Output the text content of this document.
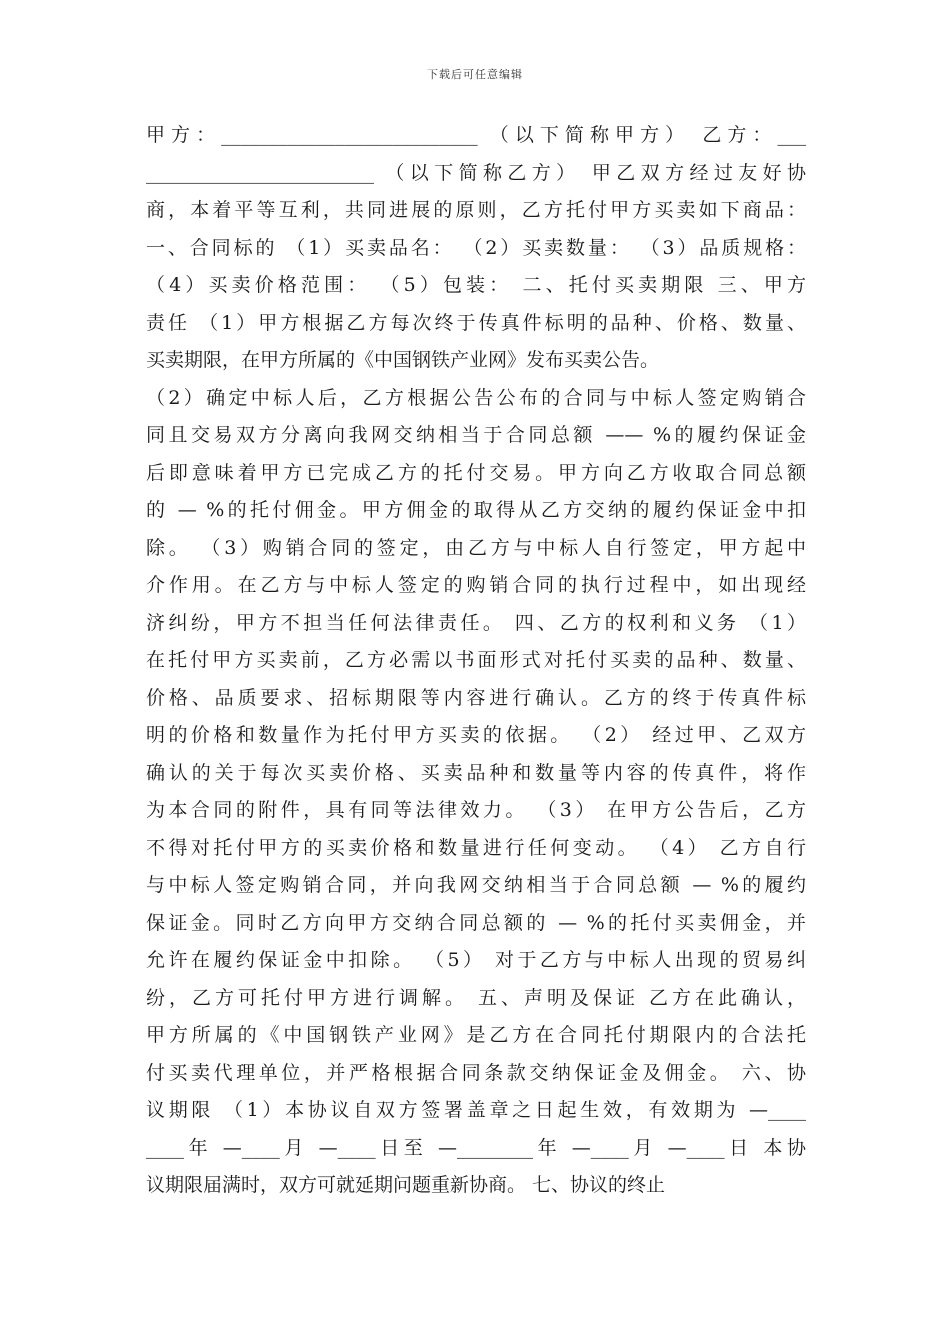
下载后可任意编辑
甲方：___________________________ （以下简称甲方） 乙方：___
________________________ （以下简称乙方） 甲乙双方经过友好协
商，本着平等互利，共同进展的原则，乙方托付甲方买卖如下商品：
一、合同标的 （1）买卖品名： （2）买卖数量： （3）品质规格：
（4）买卖价格范围： （5）包装： 二、托付买卖期限 三、甲方
责任 （1）甲方根据乙方每次终于传真件标明的品种、价格、数量、
买卖期限，在甲方所属的《中国钢铁产业网》发布买卖公告。
（2）确定中标人后，乙方根据公告公布的合同与中标人签定购销合
同且交易双方分离向我网交纳相当于合同总额 —— %的履约保证金
后即意味着甲方已完成乙方的托付交易。甲方向乙方收取合同总额
的 — %的托付佣金。甲方佣金的取得从乙方交纳的履约保证金中扣
除。 （3）购销合同的签定，由乙方与中标人自行签定，甲方起中
介作用。在乙方与中标人签定的购销合同的执行过程中，如出现经
济纠纷，甲方不担当任何法律责任。 四、乙方的权利和义务 （1）
在托付甲方买卖前，乙方必需以书面形式对托付买卖的品种、数量、
价格、品质要求、招标期限等内容进行确认。乙方的终于传真件标
明的价格和数量作为托付甲方买卖的依据。 （2） 经过甲、乙双方
确认的关于每次买卖价格、买卖品种和数量等内容的传真件，将作
为本合同的附件，具有同等法律效力。 （3） 在甲方公告后，乙方
不得对托付甲方的买卖价格和数量进行任何变动。 （4） 乙方自行
与中标人签定购销合同，并向我网交纳相当于合同总额 — %的履约
保证金。同时乙方向甲方交纳合同总额的 — %的托付买卖佣金，并
允许在履约保证金中扣除。 （5） 对于乙方与中标人出现的贸易纠
纷，乙方可托付甲方进行调解。 五、声明及保证 乙方在此确认，
甲方所属的《中国钢铁产业网》是乙方在合同托付期限内的合法托
付买卖代理单位，并严格根据合同条款交纳保证金及佣金。 六、协
议期限 （1）本协议自双方签署盖章之日起生效，有效期为 —____
____年 —____月 —____日至 —________年 —____月 —____日 本协
议期限届满时，双方可就延期问题重新协商。 七、协议的终止
